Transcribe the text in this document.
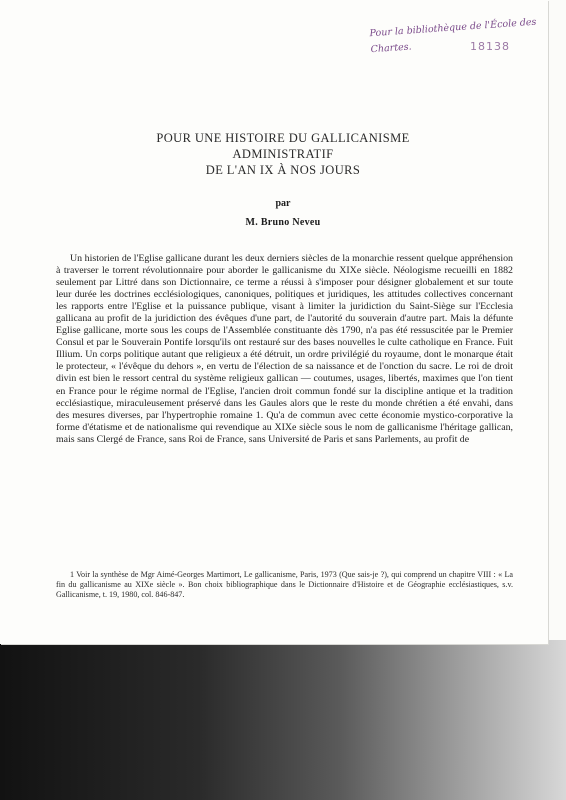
Pour la bibliothèque de l'École des Chartes.	18138
POUR UNE HISTOIRE DU GALLICANISME
ADMINISTRATIF
DE L'AN IX À NOS JOURS
par
M. Bruno Neveu

Un historien de l'Eglise gallicane durant les deux derniers siècles de la monarchie ressent quelque appréhension à traverser le torrent révolutionnaire pour aborder le gallicanisme du XIXe siècle. Néologisme recueilli en 1882 seulement par Littré dans son Dictionnaire, ce terme a réussi à s'imposer pour désigner globalement et sur toute leur durée les doctrines ecclésiologiques, canoniques, politiques et juridiques, les attitudes collectives concernant les rapports entre l'Eglise et la puissance publique, visant à limiter la juridiction du Saint-Siège sur l'Ecclesia gallicana au profit de la juridiction des évêques d'une part, de l'autorité du souverain d'autre part. Mais la défunte Eglise gallicane, morte sous les coups de l'Assemblée constituante dès 1790, n'a pas été ressuscitée par le Premier Consul et par le Souverain Pontife lorsqu'ils ont restauré sur des bases nouvelles le culte catholique en France. Fuit Illium. Un corps politique autant que religieux a été détruit, un ordre privilégié du royaume, dont le monarque était le protecteur, « l'évêque du dehors », en vertu de l'élection de sa naissance et de l'onction du sacre. Le roi de droit divin est bien le ressort central du système religieux gallican — coutumes, usages, libertés, maximes que l'on tient en France pour le régime normal de l'Eglise, l'ancien droit commun fondé sur la discipline antique et la tradition ecclésiastique, miraculeusement préservé dans les Gaules alors que le reste du monde chrétien a été envahi, dans des mesures diverses, par l'hypertrophie romaine 1. Qu'a de commun avec cette économie mystico-corporative la forme d'étatisme et de nationalisme qui revendique au XIXe siècle sous le nom de gallicanisme l'héritage gallican, mais sans Clergé de France, sans Roi de France, sans Université de Paris et sans Parlements, au profit de

1 Voir la synthèse de Mgr Aimé-Georges Martimort, Le gallicanisme, Paris, 1973 (Que sais-je ?), qui comprend un chapitre VIII : « La fin du gallicanisme au XIXe siècle ». Bon choix bibliographique dans le Dictionnaire d'Histoire et de Géographie ecclésiastiques, s.v. Gallicanisme, t. 19, 1980, col. 846-847.
